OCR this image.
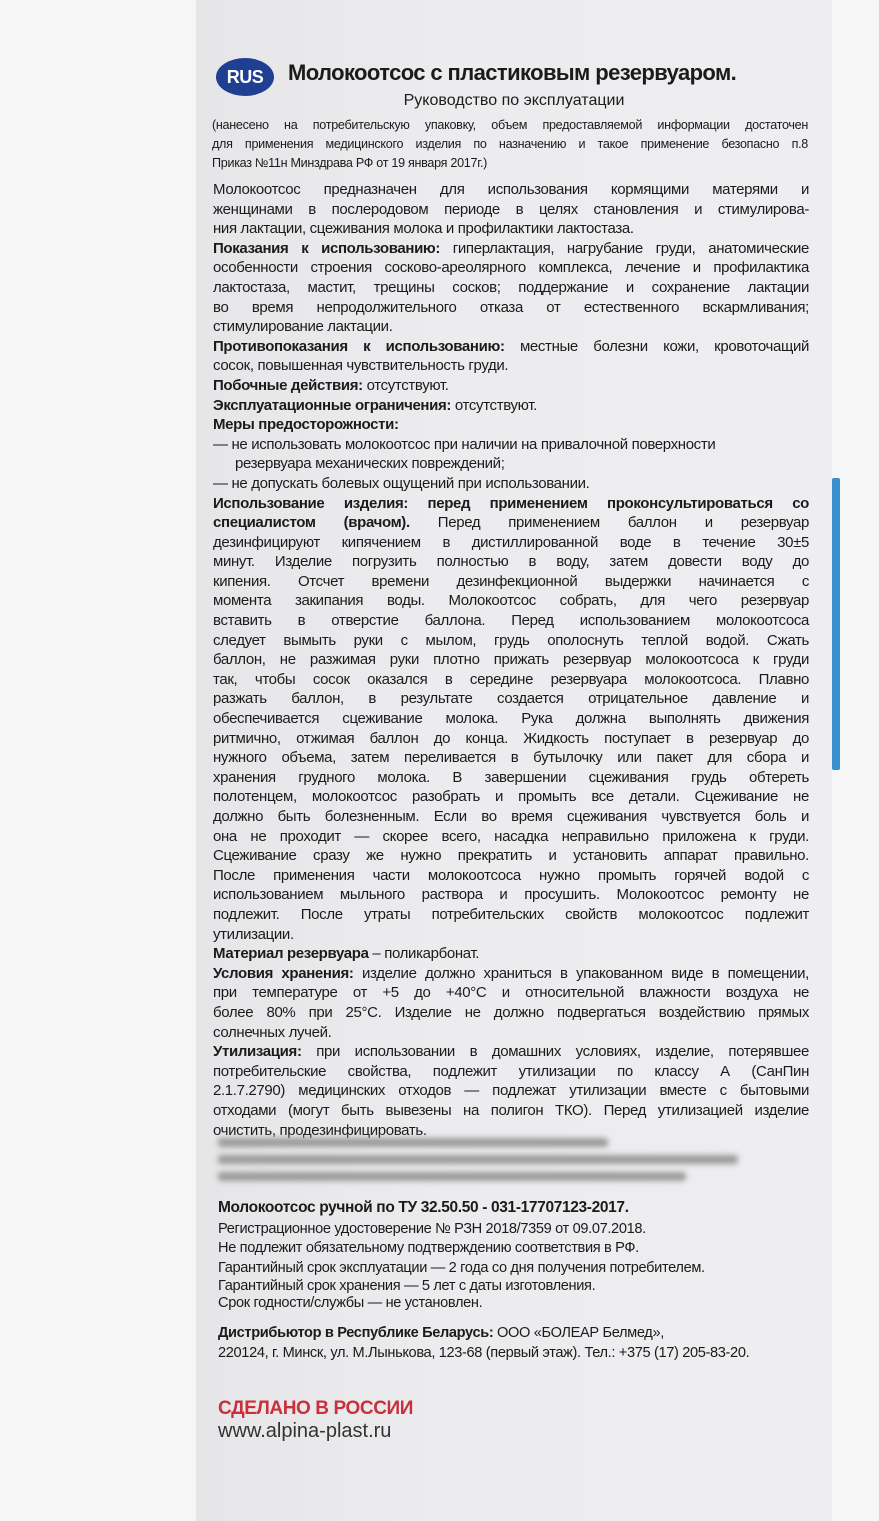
RUS	Молокоотсос с пластиковым резервуаром.
Руководство по эксплуатации
(нанесено на потребительскую упаковку, объем предоставляемой информации достаточен
для применения медицинского изделия по назначению и такое применение безопасно п.8
Приказ №11н Минздрава РФ от 19 января 2017г.)
Молокоотсос предназначен для использования кормящими матерями и
женщинами в послеродовом периоде в целях становления и стимулирова-
ния лактации, сцеживания молока и профилактики лактостаза.
Показания к использованию: гиперлактация, нагрубание груди, анатомические
особенности строения сосково-ареолярного комплекса, лечение и профилактика
лактостаза, мастит, трещины сосков; поддержание и сохранение лактации
во время непродолжительного отказа от естественного вскармливания;
стимулирование лактации.
Противопоказания к использованию: местные болезни кожи, кровоточащий
сосок, повышенная чувствительность груди.
Побочные действия: отсутствуют.
Эксплуатационные ограничения: отсутствуют.
Меры предосторожности:
— не использовать молокоотсос при наличии на привалочной поверхности
резервуара механических повреждений;
— не допускать болевых ощущений при использовании.
Использование изделия: перед применением проконсультироваться со
специалистом (врачом). Перед применением баллон и резервуар
дезинфицируют кипячением в дистиллированной воде в течение 30±5
минут. Изделие погрузить полностью в воду, затем довести воду до
кипения. Отсчет времени дезинфекционной выдержки начинается с
момента закипания воды. Молокоотсос собрать, для чего резервуар
вставить в отверстие баллона. Перед использованием молокоотсоса
следует вымыть руки с мылом, грудь ополоснуть теплой водой. Сжать
баллон, не разжимая руки плотно прижать резервуар молокоотсоса к груди
так, чтобы сосок оказался в середине резервуара молокоотсоса. Плавно
разжать баллон, в результате создается отрицательное давление и
обеспечивается сцеживание молока. Рука должна выполнять движения
ритмично, отжимая баллон до конца. Жидкость поступает в резервуар до
нужного объема, затем переливается в бутылочку или пакет для сбора и
хранения грудного молока. В завершении сцеживания грудь обтереть
полотенцем, молокоотсос разобрать и промыть все детали. Сцеживание не
должно быть болезненным. Если во время сцеживания чувствуется боль и
она не проходит — скорее всего, насадка неправильно приложена к груди.
Сцеживание сразу же нужно прекратить и установить аппарат правильно.
После применения части молокоотсоса нужно промыть горячей водой с
использованием мыльного раствора и просушить. Молокоотсос ремонту не
подлежит. После утраты потребительских свойств молокоотсос подлежит
утилизации.
Материал резервуара – поликарбонат.
Условия хранения: изделие должно храниться в упакованном виде в помещении,
при температуре от +5 до +40°C и относительной влажности воздуха не
более 80% при 25°C. Изделие не должно подвергаться воздействию прямых
солнечных лучей.
Утилизация: при использовании в домашних условиях, изделие, потерявшее
потребительские свойства, подлежит утилизации по классу А (СанПин
2.1.7.2790) медицинских отходов — подлежат утилизации вместе с бытовыми
отходами (могут быть вывезены на полигон ТКО). Перед утилизацией изделие
очистить, продезинфицировать.
Молокоотсос ручной по ТУ 32.50.50 - 031-17707123-2017.
Регистрационное удостоверение № РЗН 2018/7359 от 09.07.2018.
Не подлежит обязательному подтверждению соответствия в РФ.
Гарантийный срок эксплуатации — 2 года со дня получения потребителем.
Гарантийный срок хранения — 5 лет с даты изготовления.
Срок годности/службы — не установлен.
Дистрибьютор в Республике Беларусь: ООО «БОЛЕАР Белмед»,
220124, г. Минск, ул. М.Лынькова, 123-68 (первый этаж). Тел.: +375 (17) 205-83-20.
СДЕЛАНО В РОССИИ
www.alpina-plast.ru
